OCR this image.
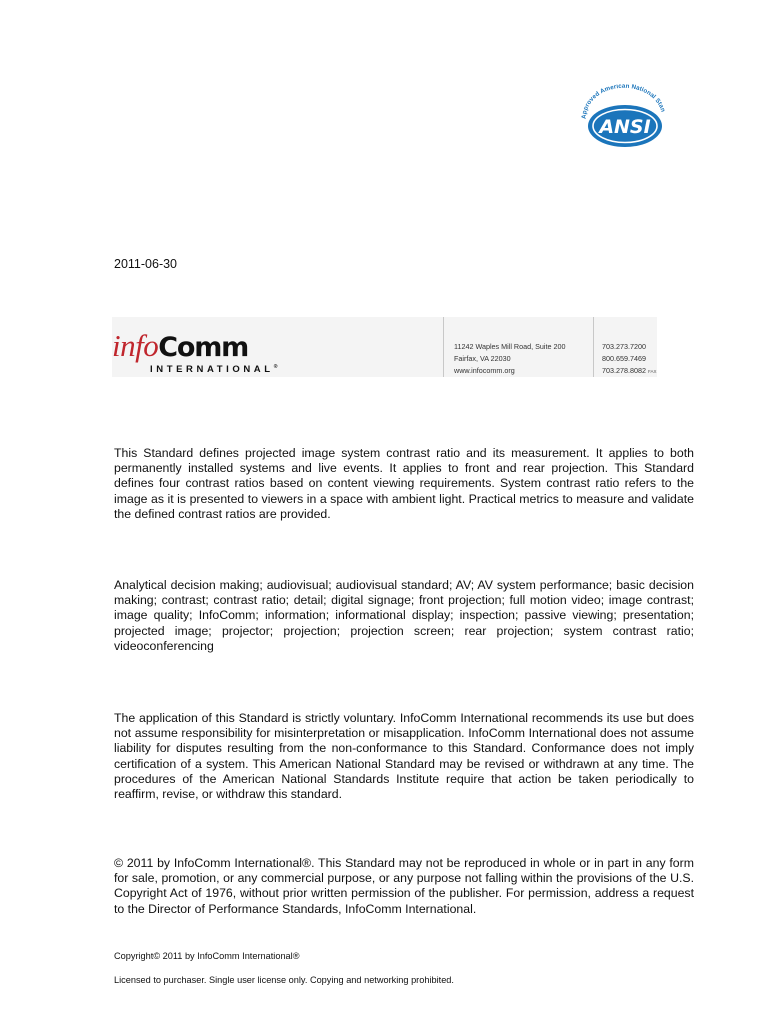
Approved American National Stan
ANSI
2011-06-30
infoComm
INTERNATIONAL®
11242 Waples Mill Road, Suite 200
Fairfax, VA 22030
www.infocomm.org
703.273.7200
800.659.7469
703.278.8082 FAX

This Standard defines projected image system contrast ratio and its measurement. It applies to both permanently installed systems and live events. It applies to front and rear projection. This Standard defines four contrast ratios based on content viewing requirements. System contrast ratio refers to the image as it is presented to viewers in a space with ambient light. Practical metrics to measure and validate the defined contrast ratios are provided.

Analytical decision making; audiovisual; audiovisual standard; AV; AV system performance; basic decision making; contrast; contrast ratio; detail; digital signage; front projection; full motion video; image contrast; image quality; InfoComm; information; informational display; inspection; passive viewing; presentation; projected image; projector; projection; projection screen; rear projection; system contrast ratio; videoconferencing

The application of this Standard is strictly voluntary. InfoComm International recommends its use but does not assume responsibility for misinterpretation or misapplication. InfoComm International does not assume liability for disputes resulting from the non-conformance to this Standard. Conformance does not imply certification of a system. This American National Standard may be revised or withdrawn at any time. The procedures of the American National Standards Institute require that action be taken periodically to reaffirm, revise, or withdraw this standard.

© 2011 by InfoComm International®. This Standard may not be reproduced in whole or in part in any form for sale, promotion, or any commercial purpose, or any purpose not falling within the provisions of the U.S. Copyright Act of 1976, without prior written permission of the publisher. For permission, address a request to the Director of Performance Standards, InfoComm International.

Copyright© 2011 by InfoComm International®
Licensed to purchaser. Single user license only. Copying and networking prohibited.
